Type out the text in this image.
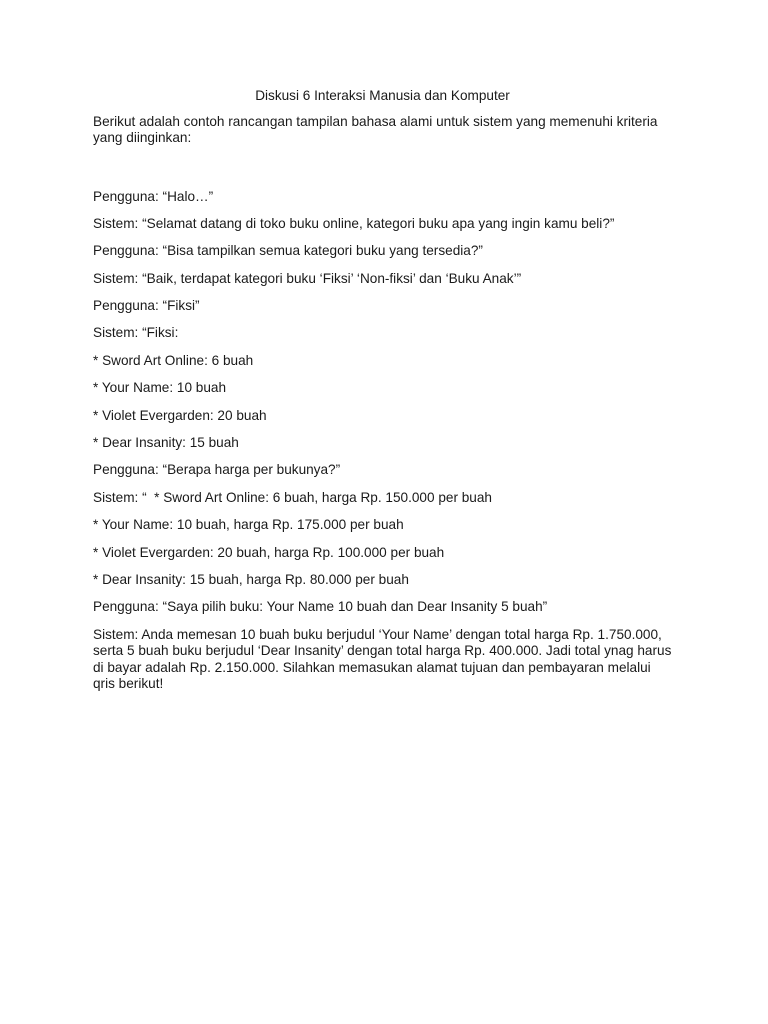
Diskusi 6 Interaksi Manusia dan Komputer
Berikut adalah contoh rancangan tampilan bahasa alami untuk sistem yang memenuhi kriteria yang diinginkan:
Pengguna: “Halo…”
Sistem: “Selamat datang di toko buku online, kategori buku apa yang ingin kamu beli?”
Pengguna: “Bisa tampilkan semua kategori buku yang tersedia?”
Sistem: “Baik, terdapat kategori buku ‘Fiksi’ ‘Non-fiksi’ dan ‘Buku Anak’”
Pengguna: “Fiksi”
Sistem: “Fiksi:
* Sword Art Online: 6 buah
* Your Name: 10 buah
* Violet Evergarden: 20 buah
* Dear Insanity: 15 buah
Pengguna: “Berapa harga per bukunya?”
Sistem: “  * Sword Art Online: 6 buah, harga Rp. 150.000 per buah
* Your Name: 10 buah, harga Rp. 175.000 per buah
* Violet Evergarden: 20 buah, harga Rp. 100.000 per buah
* Dear Insanity: 15 buah, harga Rp. 80.000 per buah
Pengguna: “Saya pilih buku: Your Name 10 buah dan Dear Insanity 5 buah”
Sistem: Anda memesan 10 buah buku berjudul ‘Your Name’ dengan total harga Rp. 1.750.000, serta 5 buah buku berjudul ‘Dear Insanity’ dengan total harga Rp. 400.000. Jadi total ynag harus di bayar adalah Rp. 2.150.000. Silahkan memasukan alamat tujuan dan pembayaran melalui qris berikut!
